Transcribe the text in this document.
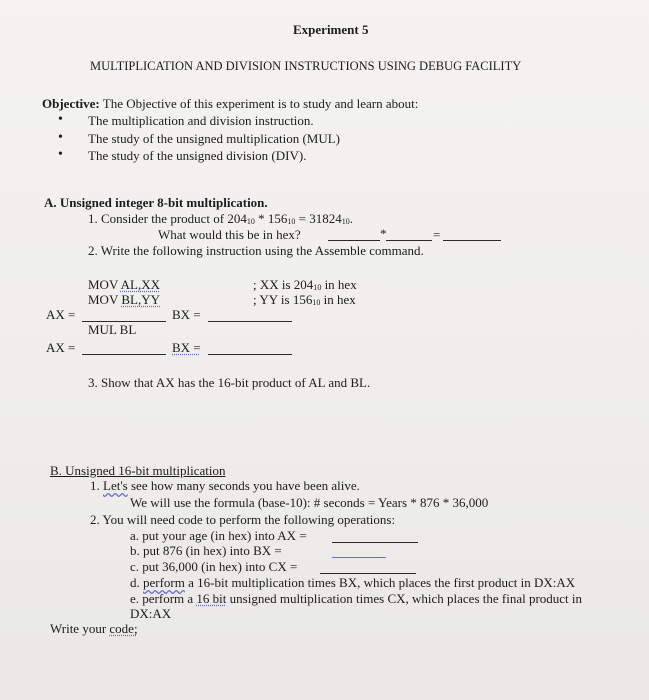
Experiment 5
MULTIPLICATION AND DIVISION INSTRUCTIONS USING DEBUG FACILITY
Objective: The Objective of this experiment is to study and learn about:
• The multiplication and division instruction.
• The study of the unsigned multiplication (MUL)
• The study of the unsigned division (DIV).
A. Unsigned integer 8-bit multiplication.
1. Consider the product of $204_{10} * 156_{10} = 31824_{10}$.
What would this be in hex?	*	=
2. Write the following instruction using the Assemble command.
MOV AL,XX	; XX is $204_{10}$ in hex
MOV BL,YY	; YY is $156_{10}$ in hex
AX =	BX =
MUL BL
AX =	BX =
3. Show that AX has the 16-bit product of AL and BL.
B. Unsigned 16-bit multiplication
1. Let's see how many seconds you have been alive.
We will use the formula (base-10): # seconds = Years * 876 * 36,000
2. You will need code to perform the following operations:
a. put your age (in hex) into AX =
b. put 876 (in hex) into BX =
c. put 36,000 (in hex) into CX =
d. perform a 16-bit multiplication times BX, which places the first product in DX:AX
e. perform a 16 bit unsigned multiplication times CX, which places the final product in
DX:AX
Write your code;
